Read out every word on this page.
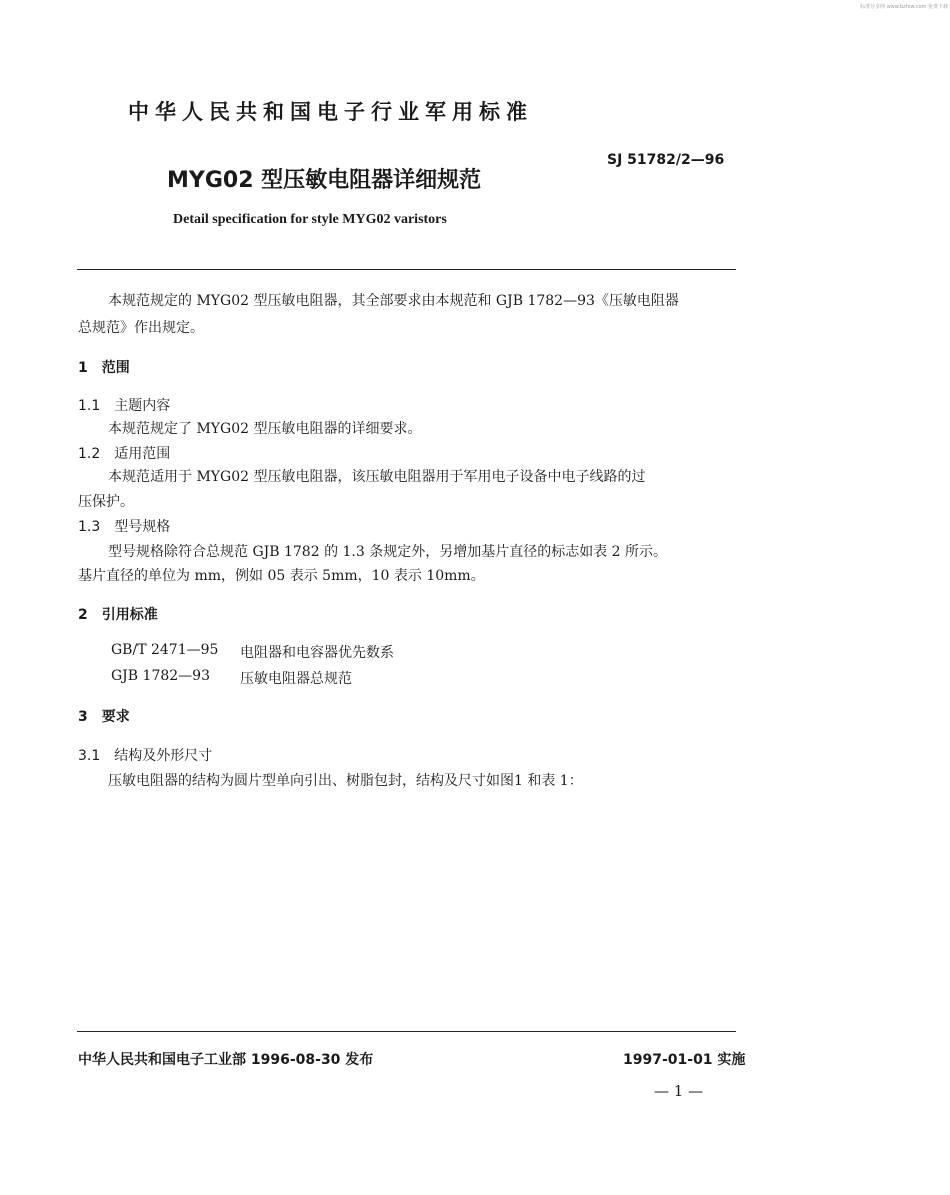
标准分享网 www.bzfxw.com 免费下载
中华人民共和国电子行业军用标准
SJ 51782/2—96
MYG02 型压敏电阻器详细规范
Detail specification for style MYG02 varistors
本规范规定的 MYG02 型压敏电阻器，其全部要求由本规范和 GJB 1782—93《压敏电阻器
总规范》作出规定。
1　范围
1.1　主题内容
本规范规定了 MYG02 型压敏电阻器的详细要求。
1.2　适用范围
本规范适用于 MYG02 型压敏电阻器，该压敏电阻器用于军用电子设备中电子线路的过
压保护。
1.3　型号规格
型号规格除符合总规范 GJB 1782 的 1.3 条规定外，另增加基片直径的标志如表 2 所示。
基片直径的单位为 mm，例如 05 表示 5mm，10 表示 10mm。
2　引用标准
GB/T 2471—95 电阻器和电容器优先数系
GJB 1782—93 压敏电阻器总规范
3　要求
3.1　结构及外形尺寸
压敏电阻器的结构为圆片型单向引出、树脂包封，结构及尺寸如图1 和表 1：
中华人民共和国电子工业部 1996-08-30 发布	1997-01-01 实施
— 1 —
